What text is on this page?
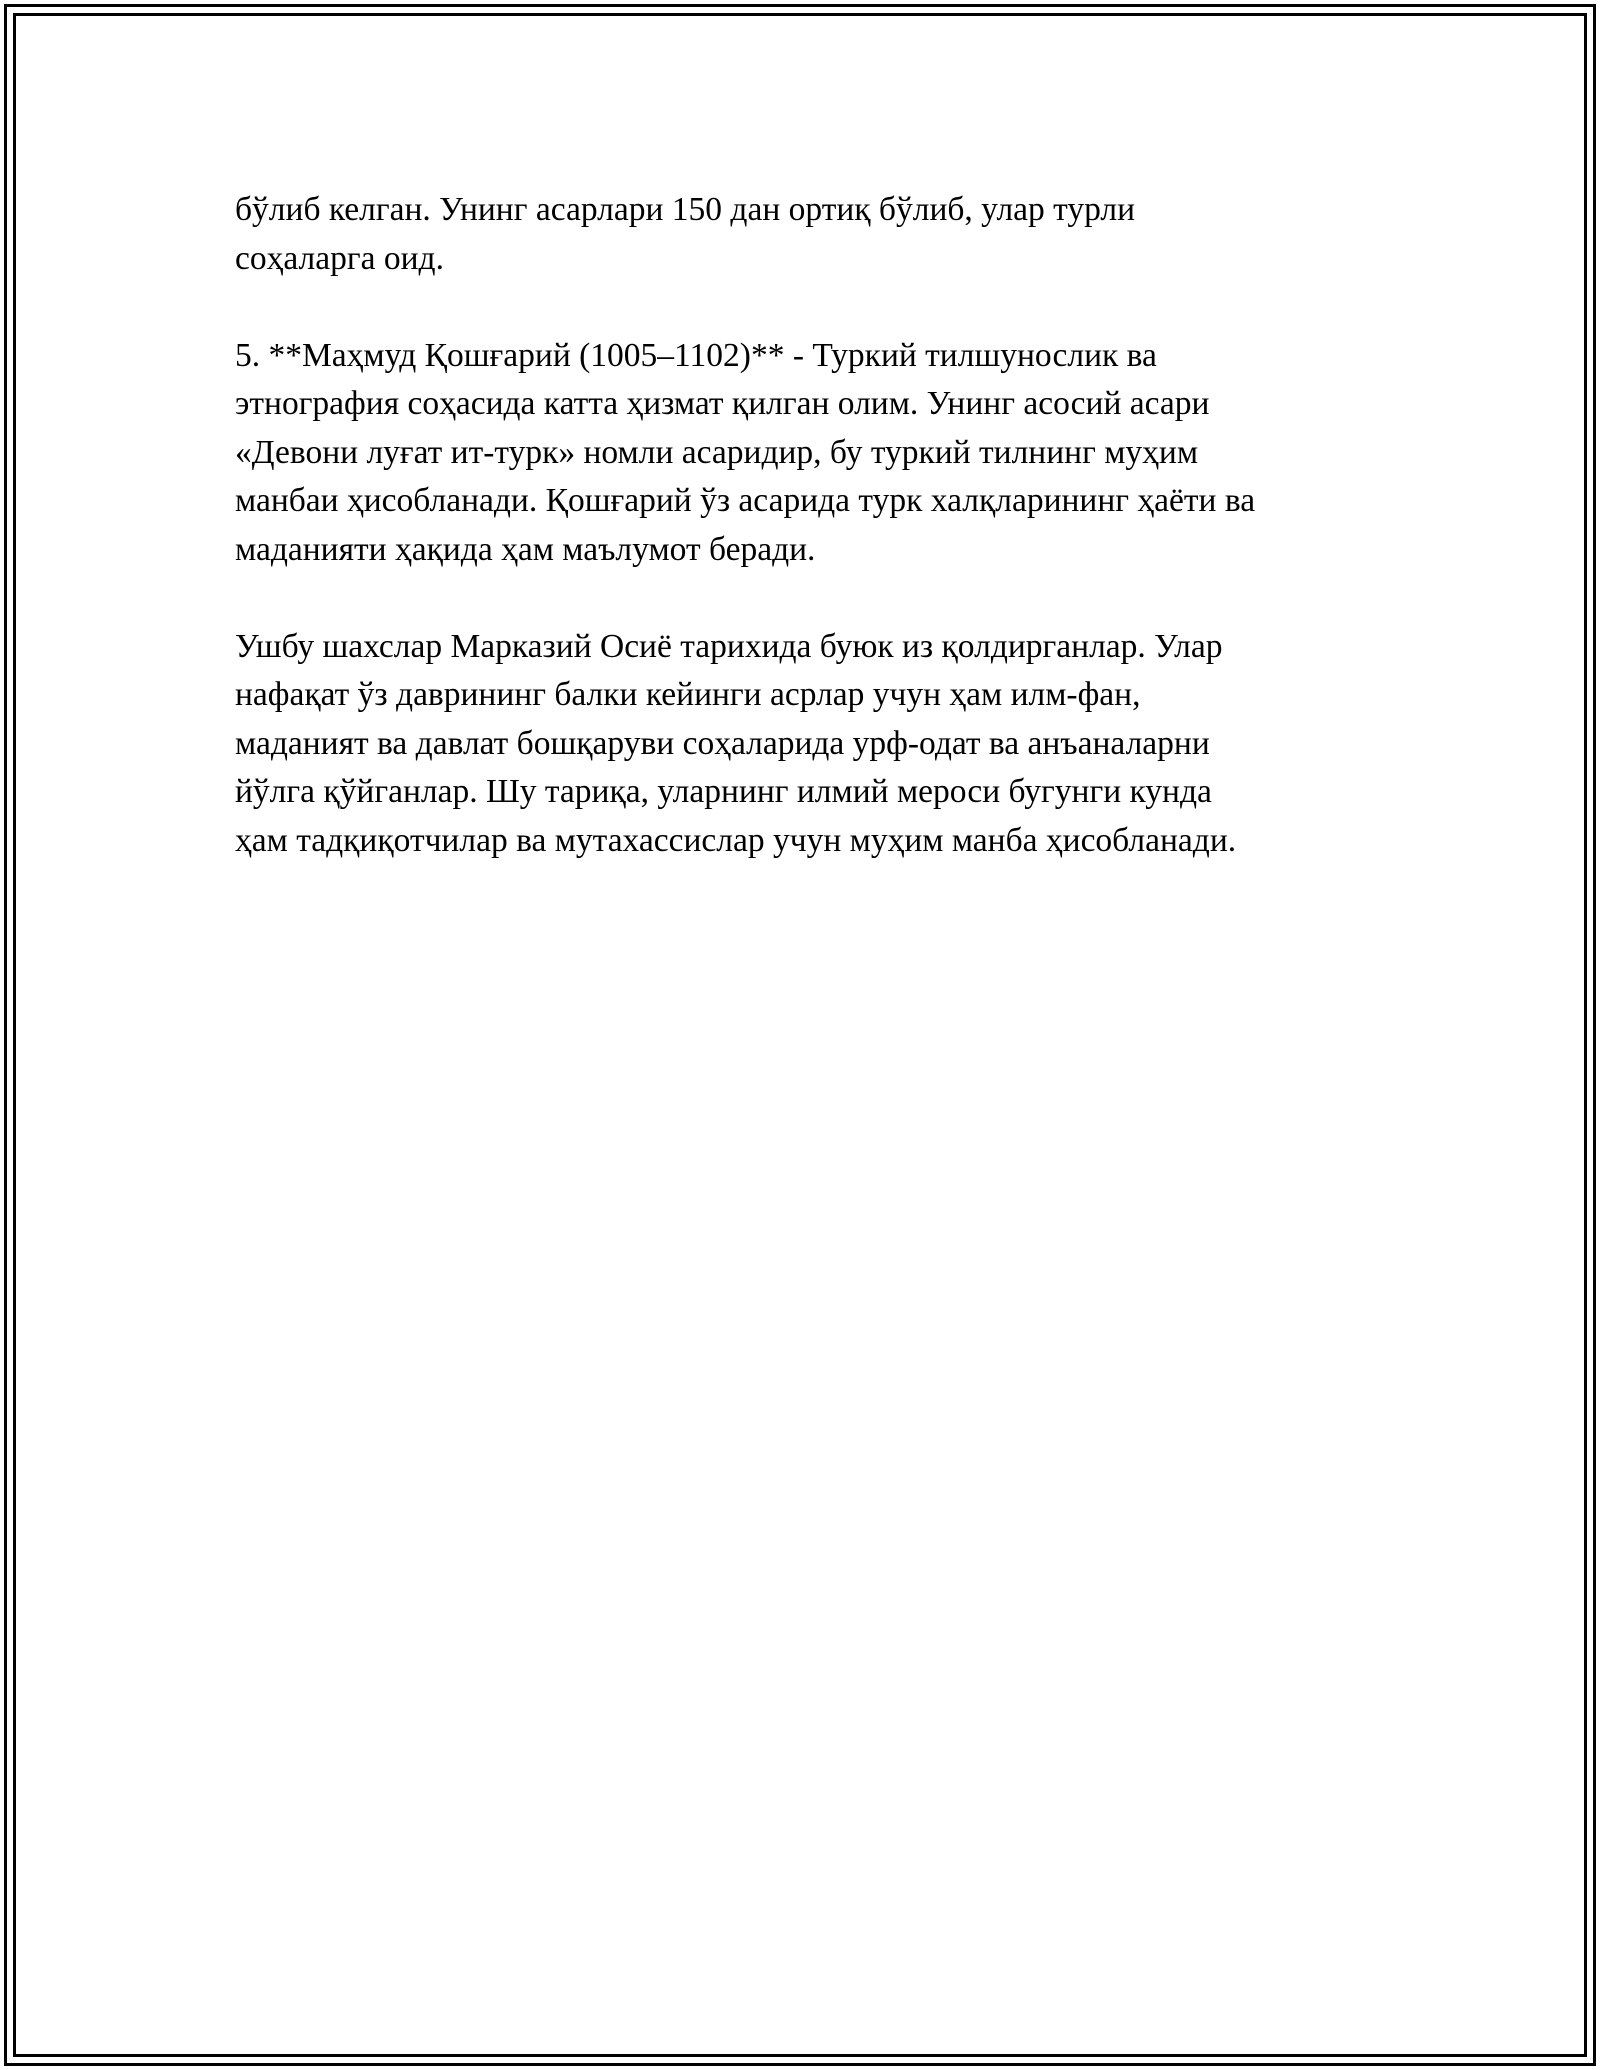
бўлиб келган. Унинг асарлари 150 дан ортиқ бўлиб, улар турли
соҳаларга оид.

5. **Маҳмуд Қошғарий (1005–1102)** - Туркий тилшунослик ва
этнография соҳасида катта ҳизмат қилган олим. Унинг асосий асари
«Девони луғат ит-турк» номли асаридир, бу туркий тилнинг муҳим
манбаи ҳисобланади. Қошғарий ўз асарида турк халқларининг ҳаёти ва
маданияти ҳақида ҳам маълумот беради.

Ушбу шахслар Марказий Осиё тарихида буюк из қолдирганлар. Улар
нафақат ўз даврининг балки кейинги асрлар учун ҳам илм-фан,
маданият ва давлат бошқаруви соҳаларида урф-одат ва анъаналарни
йўлга қўйганлар. Шу тариқа, уларнинг илмий мероси бугунги кунда
ҳам тадқиқотчилар ва мутахассислар учун муҳим манба ҳисобланади.
